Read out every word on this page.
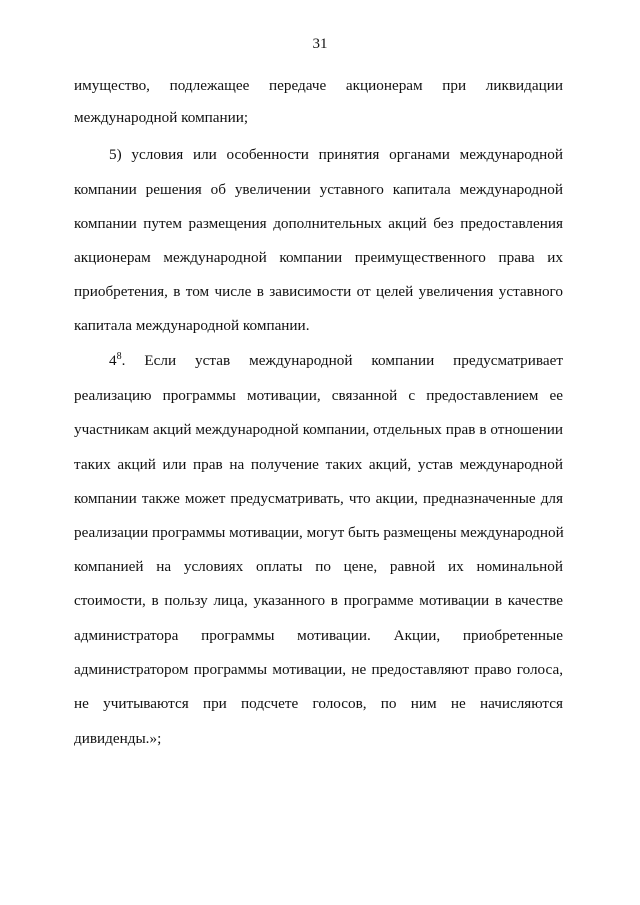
31
имущество, подлежащее передаче акционерам при ликвидации
международной компании;
5) условия или особенности принятия органами международной
компании решения об увеличении уставного капитала международной
компании путем размещения дополнительных акций без предоставления
акционерам международной компании преимущественного права их
приобретения, в том числе в зависимости от целей увеличения уставного
капитала международной компании.
$4^8$. Если устав международной компании предусматривает
реализацию программы мотивации, связанной с предоставлением ее
участникам акций международной компании, отдельных прав в отношении
таких акций или прав на получение таких акций, устав международной
компании также может предусматривать, что акции, предназначенные для
реализации программы мотивации, могут быть размещены международной
компанией на условиях оплаты по цене, равной их номинальной
стоимости, в пользу лица, указанного в программе мотивации в качестве
администратора программы мотивации. Акции, приобретенные
администратором программы мотивации, не предоставляют право голоса,
не учитываются при подсчете голосов, по ним не начисляются
дивиденды.»;
